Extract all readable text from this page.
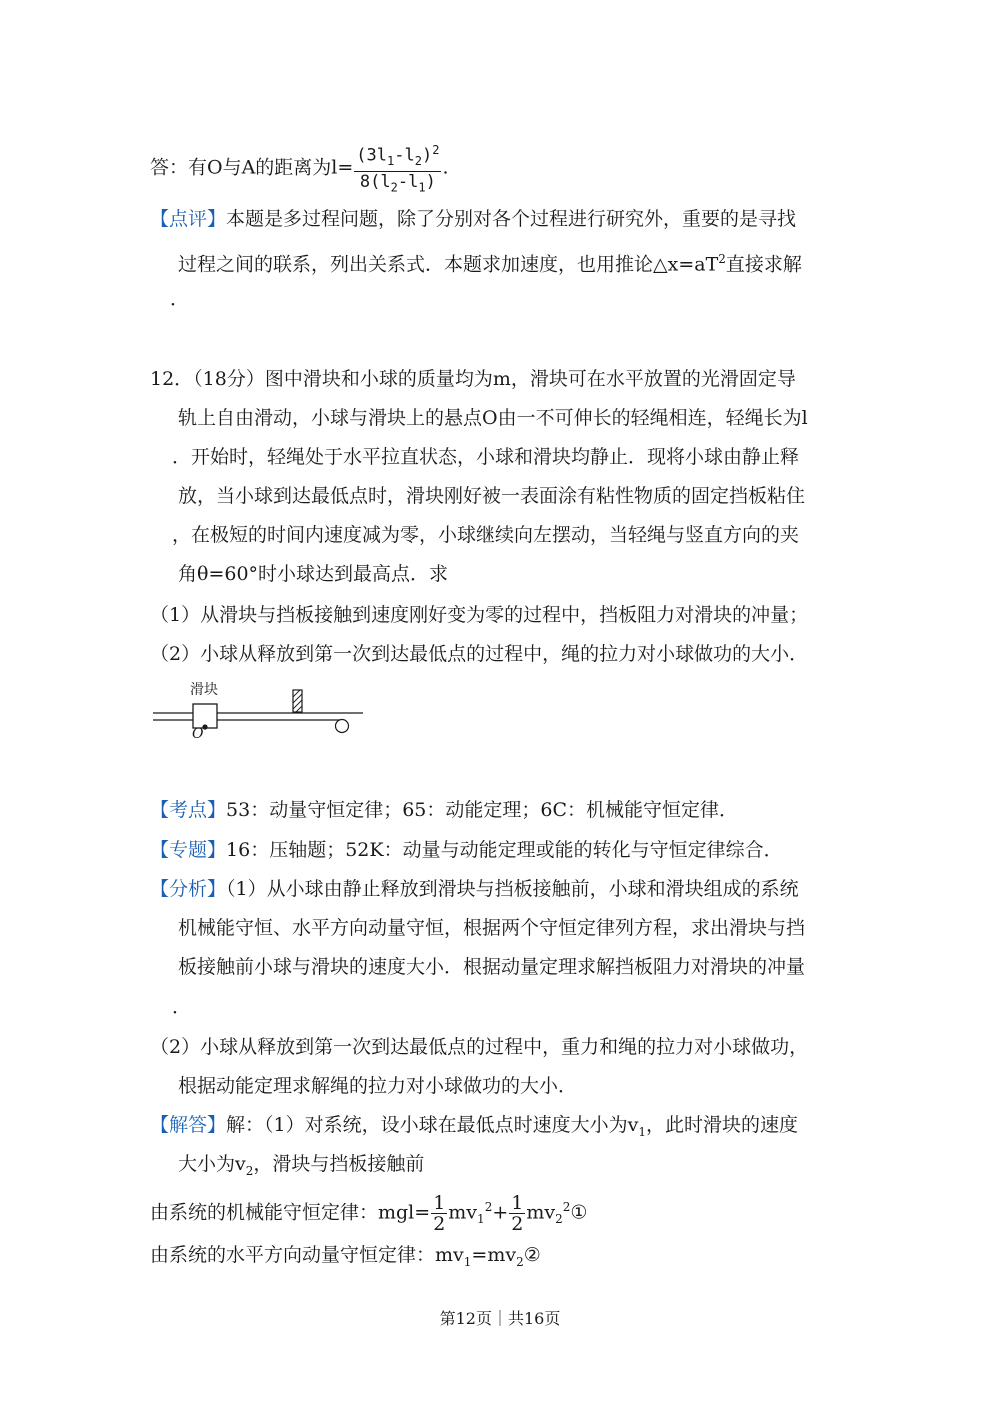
答：有O与A的距离为$l= \frac{(3l_1-l_2)^2}{8(l_2-l_1)}$ .
【点评】本题是多过程问题，除了分别对各个过程进行研究外，重要的是寻找
过程之间的联系，列出关系式．本题求加速度，也用推论$\triangle x=aT^2$直接求解
．
12．（18分）图中滑块和小球的质量均为m，滑块可在水平放置的光滑固定导
轨上自由滑动，小球与滑块上的悬点O由一不可伸长的轻绳相连，轻绳长为l
．开始时，轻绳处于水平拉直状态，小球和滑块均静止．现将小球由静止释
放，当小球到达最低点时，滑块刚好被一表面涂有粘性物质的固定挡板粘住
，在极短的时间内速度减为零，小球继续向左摆动，当轻绳与竖直方向的夹
角θ=60°时小球达到最高点．求
（1）从滑块与挡板接触到速度刚好变为零的过程中，挡板阻力对滑块的冲量；
（2）小球从释放到第一次到达最低点的过程中，绳的拉力对小球做功的大小．
滑块
O
【考点】53：动量守恒定律；65：动能定理；6C：机械能守恒定律．
【专题】16：压轴题；52K：动量与动能定理或能的转化与守恒定律综合．
【分析】（1）从小球由静止释放到滑块与挡板接触前，小球和滑块组成的系统
机械能守恒、水平方向动量守恒，根据两个守恒定律列方程，求出滑块与挡
板接触前小球与滑块的速度大小．根据动量定理求解挡板阻力对滑块的冲量
．
（2）小球从释放到第一次到达最低点的过程中，重力和绳的拉力对小球做功，
根据动能定理求解绳的拉力对小球做功的大小．
【解答】解：（1）对系统，设小球在最低点时速度大小为$v_1$，此时滑块的速度
大小为$v_2$，滑块与挡板接触前
由系统的机械能守恒定律：$mgl= \frac{1}{2} mv_1^2+ \frac{1}{2}$ $mv_2^2①$
由系统的水平方向动量守恒定律：$mv_1=mv_2②$
第12页｜共16页
